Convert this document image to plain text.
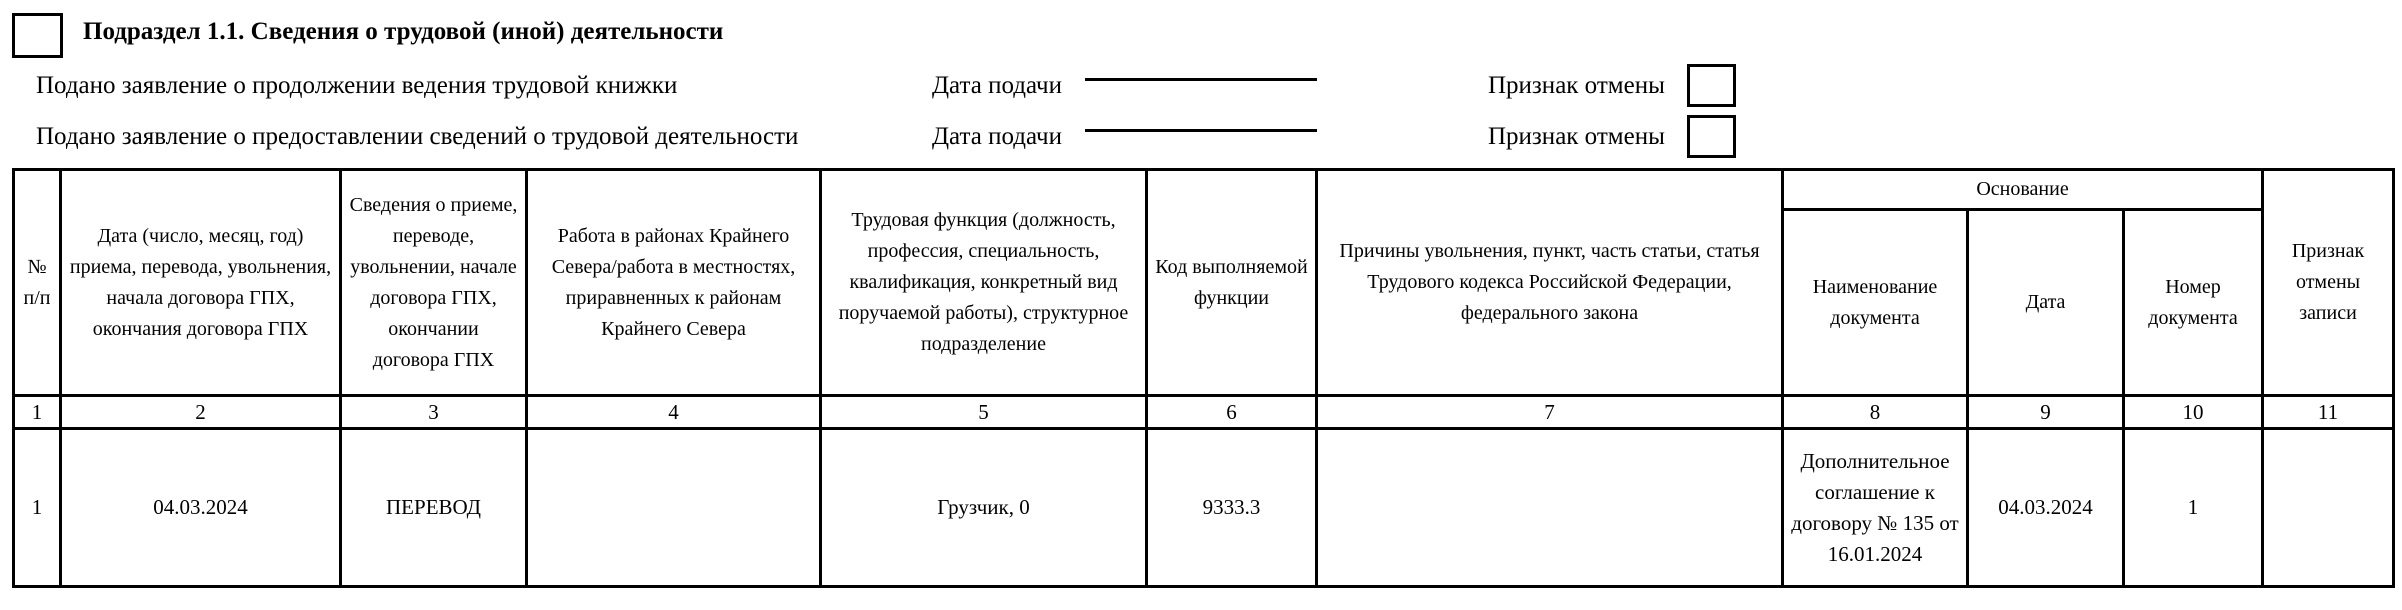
Подраздел 1.1. Сведения о трудовой (иной) деятельности
Подано заявление о продолжении ведения трудовой книжки	Дата подачи	Признак отмены
Подано заявление о предоставлении сведений о трудовой деятельности	Дата подачи	Признак отмены
№ п/п	Дата (число, месяц, год) приема, перевода, увольнения, начала договора ГПХ, окончания договора ГПХ	Сведения о приеме, переводе, увольнении, начале договора ГПХ, окончании договора ГПХ	Работа в районах Крайнего Севера/работа в местностях, приравненных к районам Крайнего Севера	Трудовая функция (должность, профессия, специальность, квалификация, конкретный вид поручаемой работы), структурное подразделение	Код выполняемой функции	Причины увольнения, пункт, часть статьи, статья Трудового кодекса Российской Федерации, федерального закона	Основание			Признак отмены записи
							Наименование документа	Дата	Номер документа	
1	2	3	4	5	6	7	8	9	10	11
1	04.03.2024	ПЕРЕВОД		Грузчик, 0	9333.3		Дополнительное соглашение к договору № 135 от 16.01.2024	04.03.2024	1	
